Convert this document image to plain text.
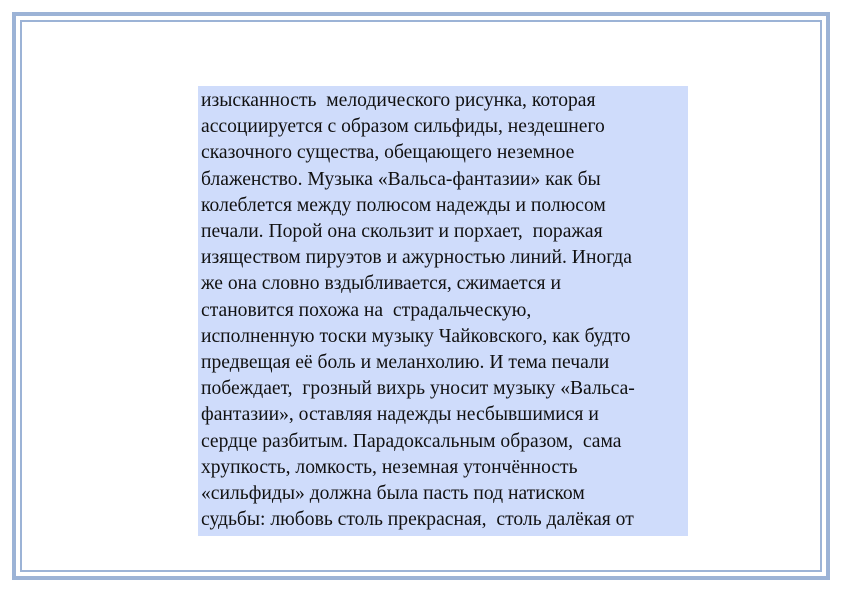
изысканность  мелодического рисунка, которая
ассоциируется с образом сильфиды, нездешнего
сказочного существа, обещающего неземное
блаженство. Музыка «Вальса-фантазии» как бы
колеблется между полюсом надежды и полюсом
печали. Порой она скользит и порхает,  поражая
изяществом пируэтов и ажурностью линий. Иногда
же она словно вздыбливается, сжимается и
становится похожа на  страдальческую,
исполненную тоски музыку Чайковского, как будто
предвещая её боль и меланхолию. И тема печали
побеждает,  грозный вихрь уносит музыку «Вальса-
фантазии», оставляя надежды несбывшимися и
сердце разбитым. Парадоксальным образом,  сама
хрупкость, ломкость, неземная утончённость
«сильфиды» должна была пасть под натиском
судьбы: любовь столь прекрасная,  столь далёкая от
